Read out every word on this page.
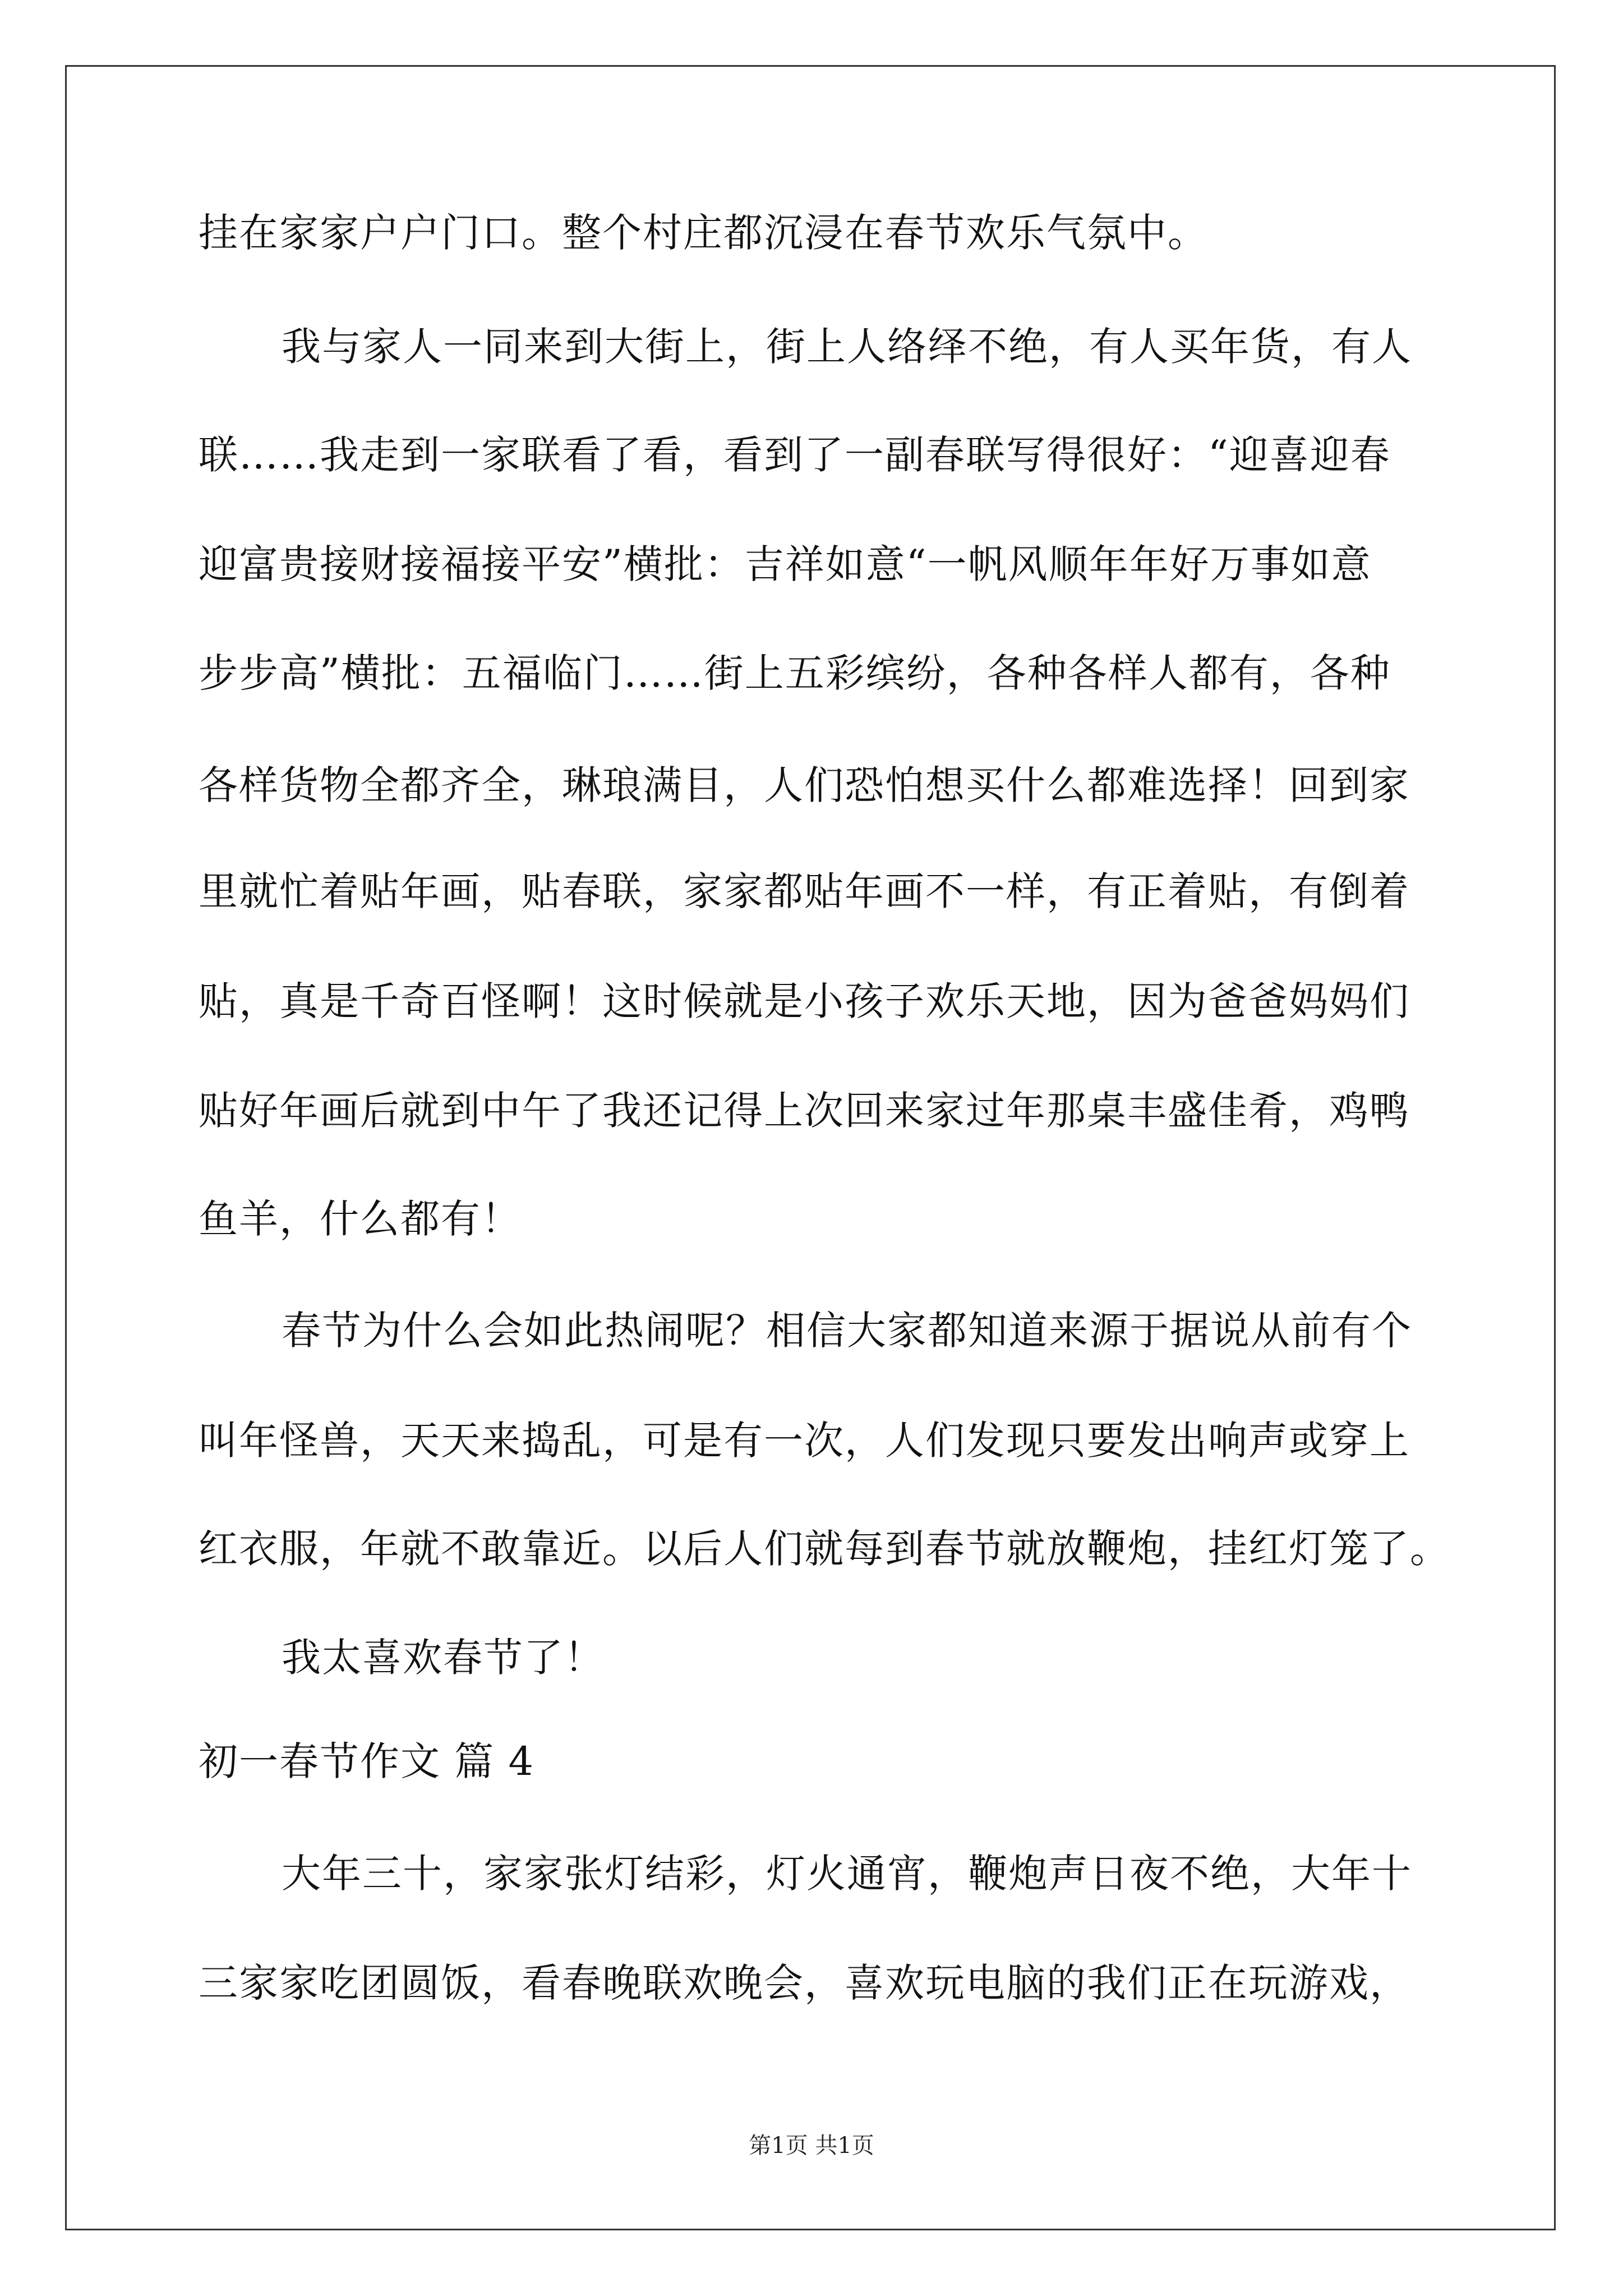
挂在家家户户门口。整个村庄都沉浸在春节欢乐气氛中。
我与家人一同来到大街上，街上人络绎不绝，有人买年货，有人
联……我走到一家联看了看，看到了一副春联写得很好：“迎喜迎春
迎富贵接财接福接平安”横批：吉祥如意“一帆风顺年年好万事如意
步步高”横批：五福临门……街上五彩缤纷，各种各样人都有，各种
各样货物全都齐全，琳琅满目，人们恐怕想买什么都难选择！回到家
里就忙着贴年画，贴春联，家家都贴年画不一样，有正着贴，有倒着
贴，真是千奇百怪啊！这时候就是小孩子欢乐天地，因为爸爸妈妈们
贴好年画后就到中午了我还记得上次回来家过年那桌丰盛佳肴，鸡鸭
鱼羊，什么都有！
春节为什么会如此热闹呢？相信大家都知道来源于据说从前有个
叫年怪兽，天天来捣乱，可是有一次，人们发现只要发出响声或穿上
红衣服，年就不敢靠近。以后人们就每到春节就放鞭炮，挂红灯笼了。
我太喜欢春节了！
初一春节作文 篇 4
大年三十，家家张灯结彩，灯火通宵，鞭炮声日夜不绝，大年十
三家家吃团圆饭，看春晚联欢晚会，喜欢玩电脑的我们正在玩游戏，
第1页 共1页
